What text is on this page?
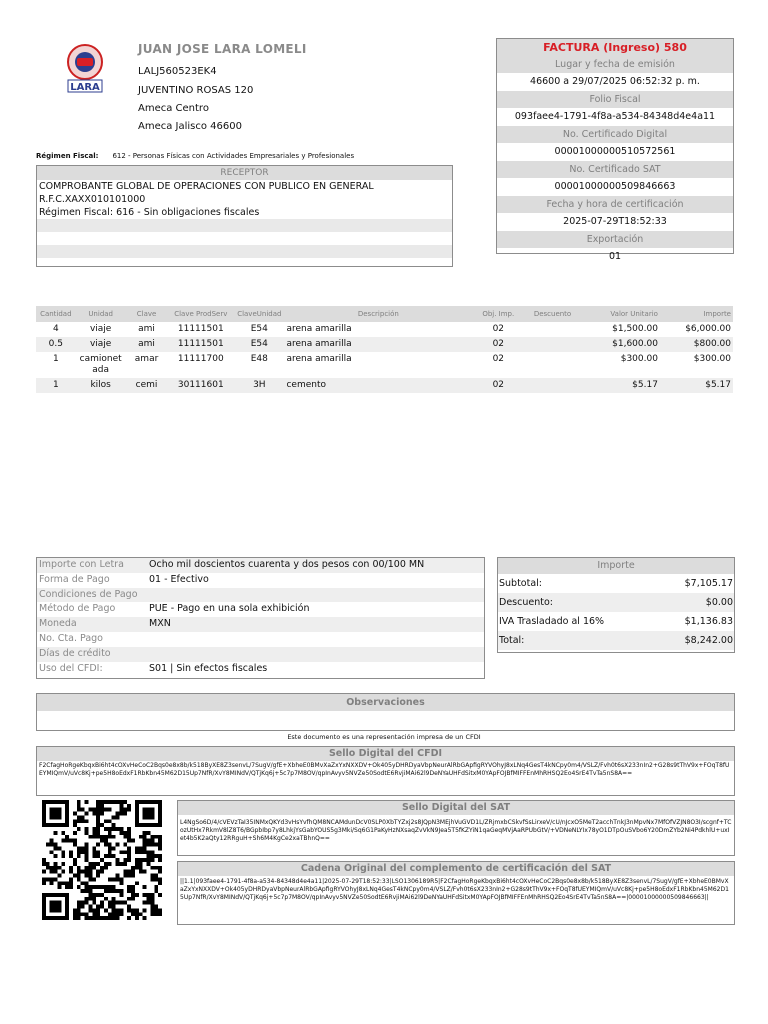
LARA
JUAN JOSE LARA LOMELI
LALJ560523EK4
JUVENTINO ROSAS 120
Ameca Centro
Ameca Jalisco 46600
Régimen Fiscal: 612 - Personas Físicas con Actividades Empresariales y Profesionales
FACTURA (Ingreso) 580
Lugar y fecha de emisión
46600 a 29/07/2025 06:52:32 p. m.
Folio Fiscal
093faee4-1791-4f8a-a534-84348d4e4a11
No. Certificado Digital
00001000000510572561
No. Certificado SAT
00001000000509846663
Fecha y hora de certificación
2025-07-29T18:52:33
Exportación
01
RECEPTOR
COMPROBANTE GLOBAL DE OPERACIONES CON PUBLICO EN GENERAL
R.F.C.XAXX010101000
Régimen Fiscal: 616 - Sin obligaciones fiscales
Cantidad	Unidad	Clave	Clave ProdServ	ClaveUnidad	Descripción	Obj. Imp.	Descuento	Valor Unitario	Importe
4	viaje	ami	11111501	E54	arena amarilla	02		$1,500.00	$6,000.00
0.5	viaje	ami	11111501	E54	arena amarilla	02		$1,600.00	$800.00
1	camionetada	amar	11111700	E48	arena amarilla	02		$300.00	$300.00
1	kilos	cemi	30111601	3H	cemento	02		$5.17	$5.17
Importe con Letra	Ocho mil doscientos cuarenta y dos pesos con 00/100 MN
Forma de Pago	01 - Efectivo
Condiciones de Pago
Método de Pago	PUE - Pago en una sola exhibición
Moneda	MXN
No. Cta. Pago
Días de crédito
Uso del CFDI:	S01 | Sin efectos fiscales
Importe
Subtotal:	$7,105.17
Descuento:	$0.00
IVA Trasladado al 16%	$1,136.83
Total:	$8,242.00
Observaciones
Este documento es una representación impresa de un CFDI
Sello Digital del CFDI
F2CfagHoRgeKbqxBi6ht4cOXvHeCoC2Bqs0e8x8b/k518ByXE8Z3senvL/7SugV/gfE+XbheE0BMvXaZxYxNXXDV+Ok405yDHRDyaVbpNeurAlRbGApfigRYVOhyJ8xLNq4GesT4kNCpy0m4/VSLZ/Fvh0t6sX233nIn2+G28s9tThV9x+FOqT8fUEYMIQmV/uVc8Kj+pe5H8oEdxF1RbKbn45M62D15Up7NfR/XvY8MINdV/QTjKq6j+5c7p7M8OV/qpInAvyv5NVZe50SodtE6RvjiMAi62l9DeNYaUHFdSitxM0YApFOJBfMIFFEnMhRHSQ2Eo4SrE4TvTa5nS8A==
Sello Digital del SAT
L4NgSo6D/4/cVEVzTaI35INMxQKYd3vHsYvfhQM8NCAMdunDcV0SLP0XbTYZxj2s8JQpN3MEjhVuGVD1L/ZRjmxbCSkvfSsLirxeV/cU/nJcxO5MeT2acchTnkJ3nMpvNx7MfOfVZJN8O3I/scgnf+TCozUtHx7RkmV8lZ8T6/BGpbIbp7y8LhkjYsGabYOUS5g3Mki/Sq6G1PaKyHzNXsaqZvVkN9Jea5T5fKZYiN1qaGeqMVjAaRPUbGtV/+VDNeNLYIx78yO1DTpOuSVbo6Y20DmZYb2Ni4PdkhlU+uxIet4b5K2aQty12RRguH+Sh6M4KgCe2xaTBhnQ==
Cadena Original del complemento de certificación del SAT
||1.1|093faee4-1791-4f8a-a534-84348d4e4a11|2025-07-29T18:52:33|LSO1306189R5|F2CfagHoRgeKbqxBi6ht4cOXvHeCoC2Bqs0e8x8b/k518ByXE8Z3senvL/7SugV/gfE+XbheE0BMvXaZxYxNXXDV+Ok405yDHRDyaVbpNeurAlRbGApfigRYVOhyJ8xLNq4GesT4kNCpy0m4/VSLZ/Fvh0t6sX233nIn2+G28s9tThV9x+FOqT8fUEYMIQmV/uVc8Kj+pe5H8oEdxF1RbKbn45M62D15Up7NfR/XvY8MINdV/QTjKq6j+5c7p7M8OV/qpInAvyv5NVZe50SodtE6RvjiMAi62l9DeNYaUHFdSitxM0YApFOJBfMIFFEnMhRHSQ2Eo4SrE4TvTa5nS8A==|00001000000509846663||
